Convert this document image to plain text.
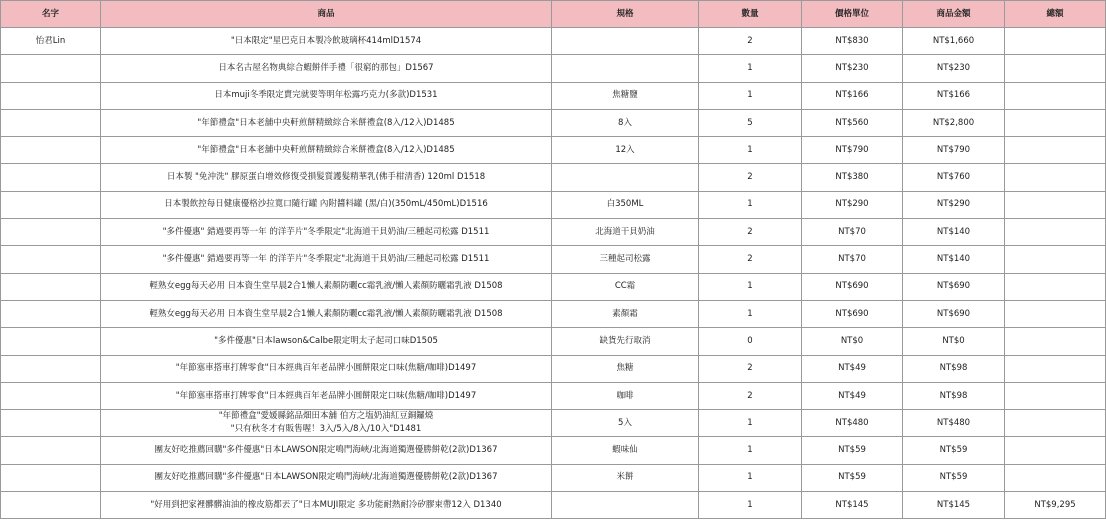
名字	商品	規格	數量	價格單位	商品金額	總額
怡君Lin	"日本限定"星巴克日本製冷飲玻璃杯414mlD1574		2	NT$830	NT$1,660	
	日本名古屋名物典綜合蝦餅伴手禮「很窮的那包」D1567		1	NT$230	NT$230	
	日本muji冬季限定賣完就要等明年松露巧克力(多款)D1531	焦糖鹽	1	NT$166	NT$166	
	"年節禮盒"日本老舖中央軒煎餅精緻綜合米餅禮盒(8入/12入)D1485	8入	5	NT$560	NT$2,800	
	"年節禮盒"日本老舖中央軒煎餅精緻綜合米餅禮盒(8入/12入)D1485	12入	1	NT$790	NT$790	
	日本製 "免沖洗" 膠原蛋白增效修復受損髮質護髮精華乳(佛手柑清香) 120ml D1518		2	NT$380	NT$760	
	日本製飲控每日健康優格沙拉寬口隨行罐 內附醬料罐 (黑/白)(350mL/450mL)D1516	白350ML	1	NT$290	NT$290	
	"多件優惠" 錯過要再等一年 的洋芋片"冬季限定"北海道干貝奶油/三種起司松露 D1511	北海道干貝奶油	2	NT$70	NT$140	
	"多件優惠" 錯過要再等一年 的洋芋片"冬季限定"北海道干貝奶油/三種起司松露 D1511	三種起司松露	2	NT$70	NT$140	
	輕熟女egg每天必用 日本資生堂早晨2合1懶人素顏防曬cc霜乳液/懶人素顏防曬霜乳液 D1508	CC霜	1	NT$690	NT$690	
	輕熟女egg每天必用 日本資生堂早晨2合1懶人素顏防曬cc霜乳液/懶人素顏防曬霜乳液 D1508	素顏霜	1	NT$690	NT$690	
	"多件優惠"日本lawson&Calbe限定明太子起司口味D1505	缺貨先行取消	0	NT$0	NT$0	
	"年節塞車搭車打牌零食"日本經典百年老品牌小圓餅限定口味(焦糖/咖啡)D1497	焦糖	2	NT$49	NT$98	
	"年節塞車搭車打牌零食"日本經典百年老品牌小圓餅限定口味(焦糖/咖啡)D1497	咖啡	2	NT$49	NT$98	
	"年節禮盒"愛媛縣銘品畑田本舖 伯方之塩奶油紅豆銅鑼燒
"只有秋冬才有販售喔！3入/5入/8入/10入"D1481	5入	1	NT$480	NT$480	
	團友好吃推薦回購"多件優惠"日本LAWSON限定鳴門海峽/北海道獨選優勝餅乾(2款)D1367	蝦味仙	1	NT$59	NT$59	
	團友好吃推薦回購"多件優惠"日本LAWSON限定鳴門海峽/北海道獨選優勝餅乾(2款)D1367	米餅	1	NT$59	NT$59	
	"好用到把家裡髒髒油油的橡皮筋都丟了"日本MUJI限定 多功能耐熱耐冷矽膠束帶12入 D1340		1	NT$145	NT$145	NT$9,295
